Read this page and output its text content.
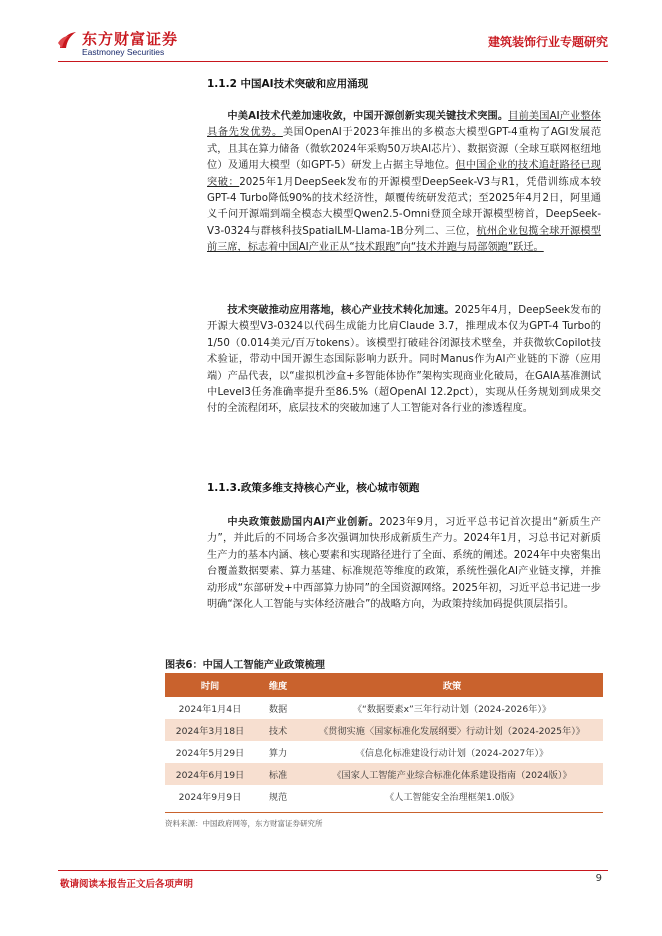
东方财富证券
Eastmoney Securities
建筑装饰行业专题研究

1.1.2 中国AI技术突破和应用涌现

中美AI技术代差加速收敛，中国开源创新实现关键技术突围。目前美国AI产业整体具备先发优势。美国OpenAI于2023年推出的多模态大模型GPT-4重构了AGI发展范式，且其在算力储备（微软2024年采购50万块AI芯片）、数据资源（全球互联网枢纽地位）及通用大模型（如GPT-5）研发上占据主导地位。但中国企业的技术追赶路径已现突破：2025年1月DeepSeek发布的开源模型DeepSeek-V3与R1，凭借训练成本较GPT-4 Turbo降低90%的技术经济性，颠覆传统研发范式；至2025年4月2日，阿里通义千问开源端到端全模态大模型Qwen2.5-Omni登顶全球开源模型榜首，DeepSeek-V3-0324与群核科技SpatialLM-Llama-1B分列二、三位，杭州企业包揽全球开源模型前三席，标志着中国AI产业正从“技术跟跑”向“技术并跑与局部领跑”跃迁。

技术突破推动应用落地，核心产业技术转化加速。2025年4月，DeepSeek发布的开源大模型V3-0324以代码生成能力比肩Claude 3.7，推理成本仅为GPT-4 Turbo的1/50（0.014美元/百万tokens）。该模型打破硅谷闭源技术壁垒，并获微软Copilot技术验证，带动中国开源生态国际影响力跃升。同时Manus作为AI产业链的下游（应用端）产品代表，以“虚拟机沙盒+多智能体协作”架构实现商业化破局，在GAIA基准测试中Level3任务准确率提升至86.5%（超OpenAI 12.2pct），实现从任务规划到成果交付的全流程闭环，底层技术的突破加速了人工智能对各行业的渗透程度。

1.1.3.政策多维支持核心产业，核心城市领跑

中央政策鼓励国内AI产业创新。2023年9月，习近平总书记首次提出“新质生产力”，并此后的不同场合多次强调加快形成新质生产力。2024年1月，习总书记对新质生产力的基本内涵、核心要素和实现路径进行了全面、系统的阐述。2024年中央密集出台覆盖数据要素、算力基建、标准规范等维度的政策，系统性强化AI产业链支撑，并推动形成“东部研发+中西部算力协同”的全国资源网络。2025年初，习近平总书记进一步明确“深化人工智能与实体经济融合”的战略方向，为政策持续加码提供顶层指引。

图表6：中国人工智能产业政策梳理
时间	维度	政策
2024年1月4日	数据	《“数据要素x”三年行动计划（2024-2026年）》
2024年3月18日	技术	《贯彻实施〈国家标准化发展纲要〉行动计划（2024-2025年）》
2024年5月29日	算力	《信息化标准建设行动计划（2024-2027年）》
2024年6月19日	标准	《国家人工智能产业综合标准化体系建设指南（2024版）》
2024年9月9日	规范	《人工智能安全治理框架1.0版》
资料来源：中国政府网等，东方财富证券研究所
敬请阅读本报告正文后各项声明
9
